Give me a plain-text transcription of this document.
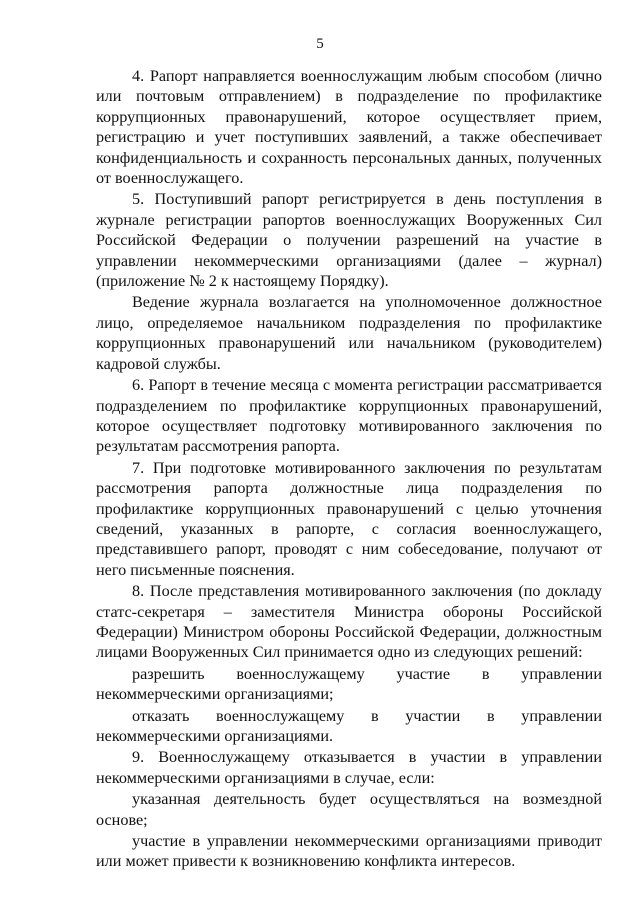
5

4. Рапорт направляется военнослужащим любым способом (лично или почтовым отправлением) в подразделение по профилактике коррупционных правонарушений, которое осуществляет прием, регистрацию и учет поступивших заявлений, а также обеспечивает конфиденциальность и сохранность персональных данных, полученных от военнослужащего.

5. Поступивший рапорт регистрируется в день поступления в журнале регистрации рапортов военнослужащих Вооруженных Сил Российской Федерации о получении разрешений на участие в управлении некоммерческими организациями (далее – журнал) (приложение № 2 к настоящему Порядку).

Ведение журнала возлагается на уполномоченное должностное лицо, определяемое начальником подразделения по профилактике коррупционных правонарушений или начальником (руководителем) кадровой службы.

6. Рапорт в течение месяца с момента регистрации рассматривается подразделением по профилактике коррупционных правонарушений, которое осуществляет подготовку мотивированного заключения по результатам рассмотрения рапорта.

7. При подготовке мотивированного заключения по результатам рассмотрения рапорта должностные лица подразделения по профилактике коррупционных правонарушений с целью уточнения сведений, указанных в рапорте, с согласия военнослужащего, представившего рапорт, проводят с ним собеседование, получают от него письменные пояснения.

8. После представления мотивированного заключения (по докладу статс-секретаря – заместителя Министра обороны Российской Федерации) Министром обороны Российской Федерации, должностным лицами Вооруженных Сил принимается одно из следующих решений:

разрешить военнослужащему участие в управлении некоммерческими организациями;

отказать военнослужащему в участии в управлении некоммерческими организациями.

9. Военнослужащему отказывается в участии в управлении некоммерческими организациями в случае, если:

указанная деятельность будет осуществляться на возмездной основе;

участие в управлении некоммерческими организациями приводит или может привести к возникновению конфликта интересов.
